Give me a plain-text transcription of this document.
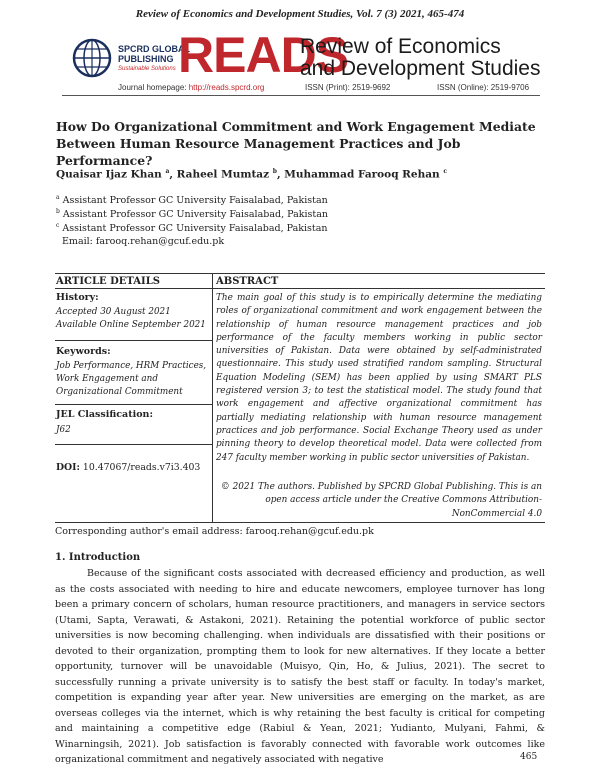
Review of Economics and Development Studies, Vol. 7 (3) 2021, 465-474
SPCRD GLOBAL
PUBLISHING
Sustainable Solutions READS
Review of Economics
and Development Studies
Journal homepage: http://reads.spcrd.org	ISSN (Print): 2519-9692	ISSN (Online): 2519-9706
How Do Organizational Commitment and Work Engagement Mediate Between Human Resource Management Practices and Job Performance?
Quaisar Ijaz Khan $^a$, Raheel Mumtaz $^b$, Muhammad Farooq Rehan $^c$
$^a$ Assistant Professor GC University Faisalabad, Pakistan
$^b$ Assistant Professor GC University Faisalabad, Pakistan
$^c$ Assistant Professor GC University Faisalabad, Pakistan
Email: farooq.rehan@gcuf.edu.pk
ARTICLE DETAILS	ABSTRACT
History:
Accepted 30 August 2021
Available Online September 2021
Keywords:
Job Performance, HRM Practices,
Work Engagement and
Organizational Commitment
JEL Classification:
J62
DOI: 10.47067/reads.v7i3.403
The main goal of this study is to empirically determine the mediating roles of organizational commitment and work engagement between the relationship of human resource management practices and job performance of the faculty members working in public sector universities of Pakistan. Data were obtained by self-administrated questionnaire. This study used stratified random sampling. Structural Equation Modeling (SEM) has been applied by using SMART PLS registered version 3; to test the statistical model. The study found that work engagement and affective organizational commitment has partially mediating relationship with human resource management practices and job performance. Social Exchange Theory used as under pinning theory to develop theoretical model. Data were collected from 247 faculty member working in public sector universities of Pakistan.
© 2021 The authors. Published by SPCRD Global Publishing. This is an
open access article under the Creative Commons Attribution-
NonCommercial 4.0
Corresponding author's email address: farooq.rehan@gcuf.edu.pk
1. Introduction

Because of the significant costs associated with decreased efficiency and production, as well as the costs associated with needing to hire and educate newcomers, employee turnover has long been a primary concern of scholars, human resource practitioners, and managers in service sectors (Utami, Sapta, Verawati, & Astakoni, 2021). Retaining the potential workforce of public sector universities is now becoming challenging. when individuals are dissatisfied with their positions or devoted to their organization, prompting them to look for new alternatives. If they locate a better opportunity, turnover will be unavoidable (Muisyo, Qin, Ho, & Julius, 2021). The secret to successfully running a private university is to satisfy the best staff or faculty. In today's market, competition is expanding year after year. New universities are emerging on the market, as are overseas colleges via the internet, which is why retaining the best faculty is critical for competing and maintaining a competitive edge (Rabiul & Yean, 2021; Yudianto, Mulyani, Fahmi, & Winarningsih, 2021). Job satisfaction is favorably connected with favorable work outcomes like organizational commitment and negatively associated with negative	465
